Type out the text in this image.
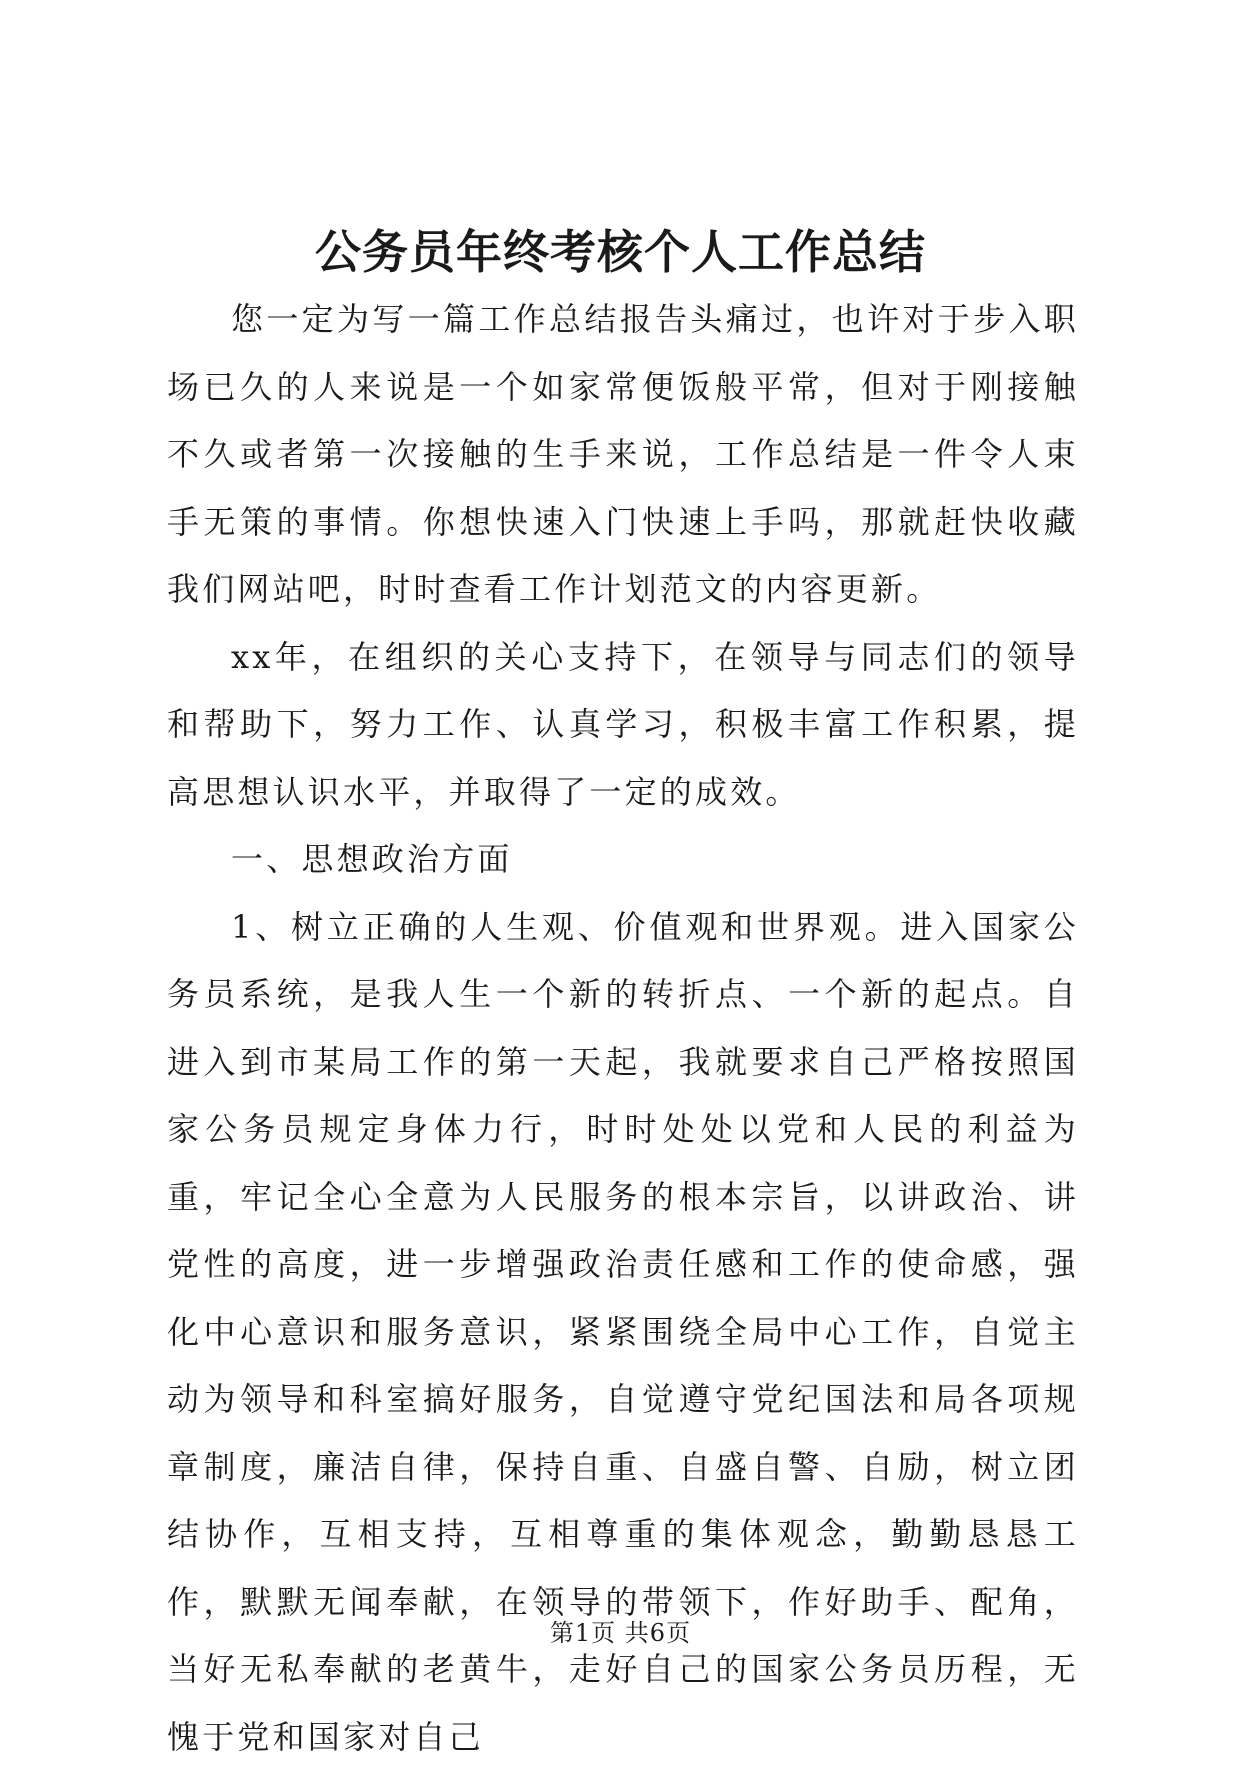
公务员年终考核个人工作总结

您一定为写一篇工作总结报告头痛过，也许对于步入职场已久的人来说是一个如家常便饭般平常，但对于刚接触不久或者第一次接触的生手来说，工作总结是一件令人束手无策的事情。你想快速入门快速上手吗，那就赶快收藏我们网站吧，时时查看工作计划范文的内容更新。

xx年，在组织的关心支持下，在领导与同志们的领导和帮助下，努力工作、认真学习，积极丰富工作积累，提高思想认识水平，并取得了一定的成效。

一、思想政治方面

1、树立正确的人生观、价值观和世界观。进入国家公务员系统，是我人生一个新的转折点、一个新的起点。自进入到市某局工作的第一天起，我就要求自己严格按照国家公务员规定身体力行，时时处处以党和人民的利益为重，牢记全心全意为人民服务的根本宗旨，以讲政治、讲党性的高度，进一步增强政治责任感和工作的使命感，强化中心意识和服务意识，紧紧围绕全局中心工作，自觉主动为领导和科室搞好服务，自觉遵守党纪国法和局各项规章制度，廉洁自律，保持自重、自盛自警、自励，树立团结协作，互相支持，互相尊重的集体观念，勤勤恳恳工作，默默无闻奉献，在领导的带领下，作好助手、配角，当好无私奉献的老黄牛，走好自己的国家公务员历程，无愧于党和国家对自己

第1页 共6页
